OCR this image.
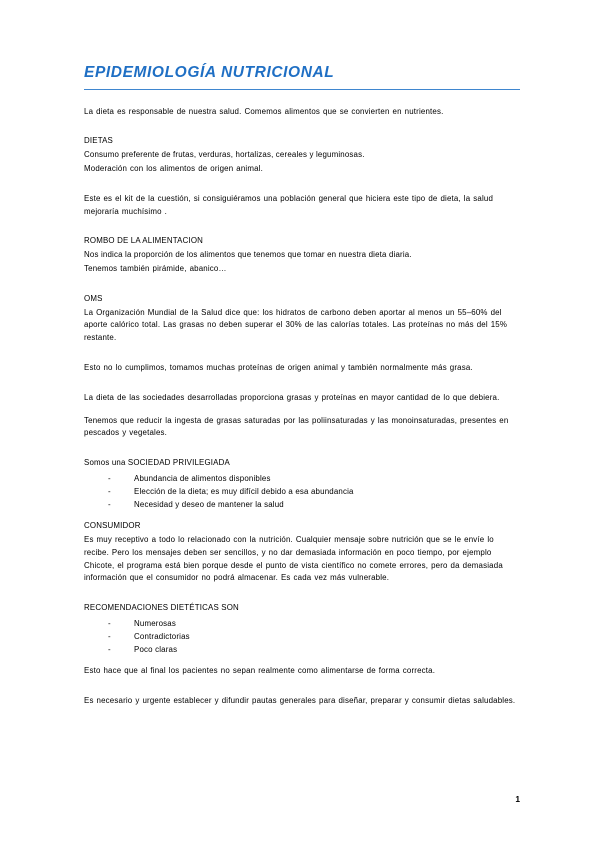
EPIDEMIOLOGÍA NUTRICIONAL

La dieta es responsable de nuestra salud. Comemos alimentos que se convierten en nutrientes.

DIETAS

Consumo preferente de frutas, verduras, hortalizas, cereales y leguminosas.

Moderación con los alimentos de origen animal.

Este es el kit de la cuestión, si consiguiéramos una población general que hiciera este tipo de dieta, la salud mejoraría muchísimo .

ROMBO DE LA ALIMENTACION

Nos indica la proporción de los alimentos que tenemos que tomar en nuestra dieta diaria.

Tenemos también pirámide, abanico…

OMS

La Organización Mundial de la Salud dice que: los hidratos de carbono deben aportar al menos un 55–60% del aporte calórico total. Las grasas no deben superar el 30% de las calorías totales. Las proteínas no más del 15% restante.

Esto no lo cumplimos, tomamos muchas proteínas de origen animal y también normalmente más grasa.

La dieta de las sociedades desarrolladas proporciona grasas y proteínas en mayor cantidad de lo que debiera.

Tenemos que reducir la ingesta de grasas saturadas por las poliinsaturadas y las monoinsaturadas, presentes en pescados y vegetales.

Somos una SOCIEDAD PRIVILEGIADA

-	Abundancia de alimentos disponibles
-	Elección de la dieta; es muy difícil debido a esa abundancia
-	Necesidad y deseo de mantener la salud

CONSUMIDOR

Es muy receptivo a todo lo relacionado con la nutrición. Cualquier mensaje sobre nutrición que se le envíe lo recibe. Pero los mensajes deben ser sencillos, y no dar demasiada información en poco tiempo, por ejemplo Chicote, el programa está bien porque desde el punto de vista científico no comete errores, pero da demasiada información que el consumidor no podrá almacenar. Es cada vez más vulnerable.

RECOMENDACIONES DIETÉTICAS SON

-	Numerosas
-	Contradictorias
-	Poco claras

Esto hace que al final los pacientes no sepan realmente como alimentarse de forma correcta.

Es necesario y urgente establecer y difundir pautas generales para diseñar, preparar y consumir dietas saludables.

1
